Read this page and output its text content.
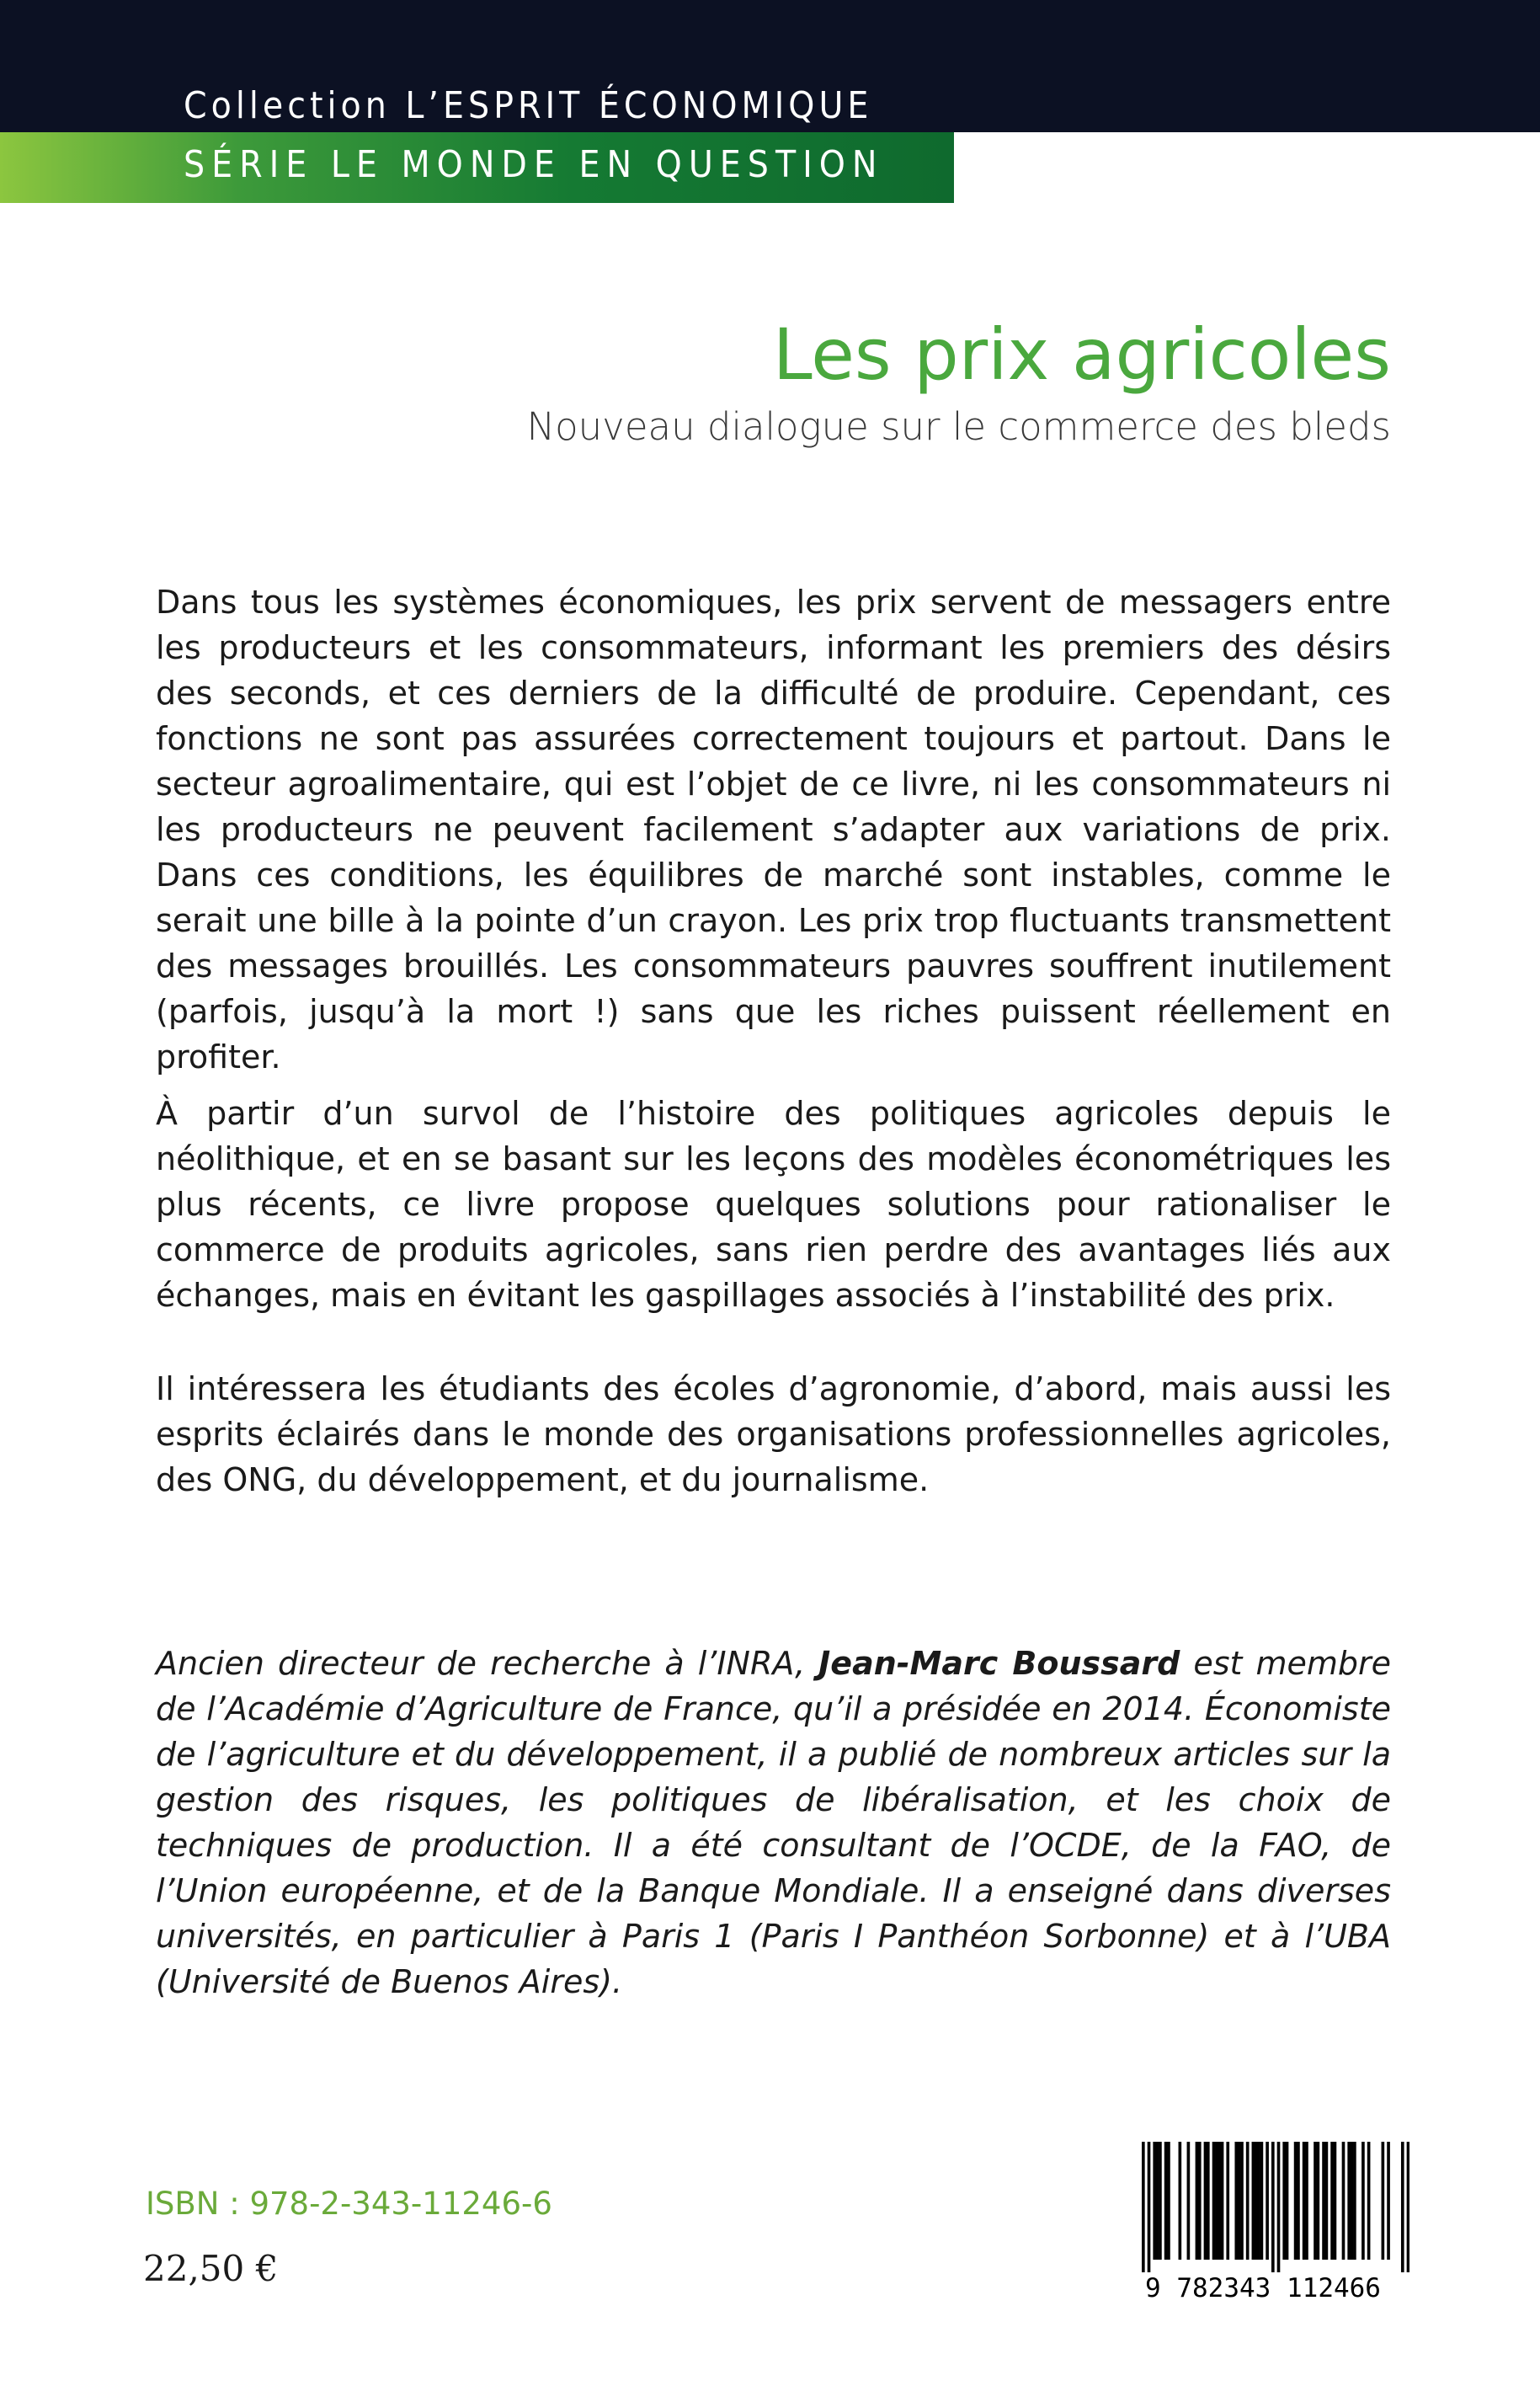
Collection L’ESPRIT ÉCONOMIQUE
SÉRIE LE MONDE EN QUESTION
Les prix agricoles
Nouveau dialogue sur le commerce des bleds

Dans tous les systèmes économiques, les prix servent de messagers entre les producteurs et les consommateurs, informant les premiers des désirs des seconds, et ces derniers de la difficulté de produire. Cependant, ces fonctions ne sont pas assurées correctement toujours et partout. Dans le secteur agroalimentaire, qui est l’objet de ce livre, ni les consommateurs ni les producteurs ne peuvent facilement s’adapter aux variations de prix. Dans ces conditions, les équilibres de marché sont instables, comme le serait une bille à la pointe d’un crayon. Les prix trop fluctuants transmettent des messages brouillés. Les consommateurs pauvres souffrent inutilement (parfois, jusqu’à la mort !) sans que les riches puissent réellement en profiter.

À partir d’un survol de l’histoire des politiques agricoles depuis le néolithique, et en se basant sur les leçons des modèles économétriques les plus récents, ce livre propose quelques solutions pour rationaliser le commerce de produits agricoles, sans rien perdre des avantages liés aux échanges, mais en évitant les gaspillages associés à l’instabilité des prix.

Il intéressera les étudiants des écoles d’agronomie, d’abord, mais aussi les esprits éclairés dans le monde des organisations professionnelles agricoles, des ONG, du développement, et du journalisme.

Ancien directeur de recherche à l’INRA, Jean-Marc Boussard est membre de l’Académie d’Agriculture de France, qu’il a présidée en 2014. Économiste de l’agriculture et du développement, il a publié de nombreux articles sur la gestion des risques, les politiques de libéralisation, et les choix de techniques de production. Il a été consultant de l’OCDE, de la FAO, de l’Union européenne, et de la Banque Mondiale. Il a enseigné dans diverses universités, en particulier à Paris 1 (Paris I Panthéon Sorbonne) et à l’UBA (Université de Buenos Aires).

ISBN : 978-2-343-11246-6
22,50 €	9 782343 112466
